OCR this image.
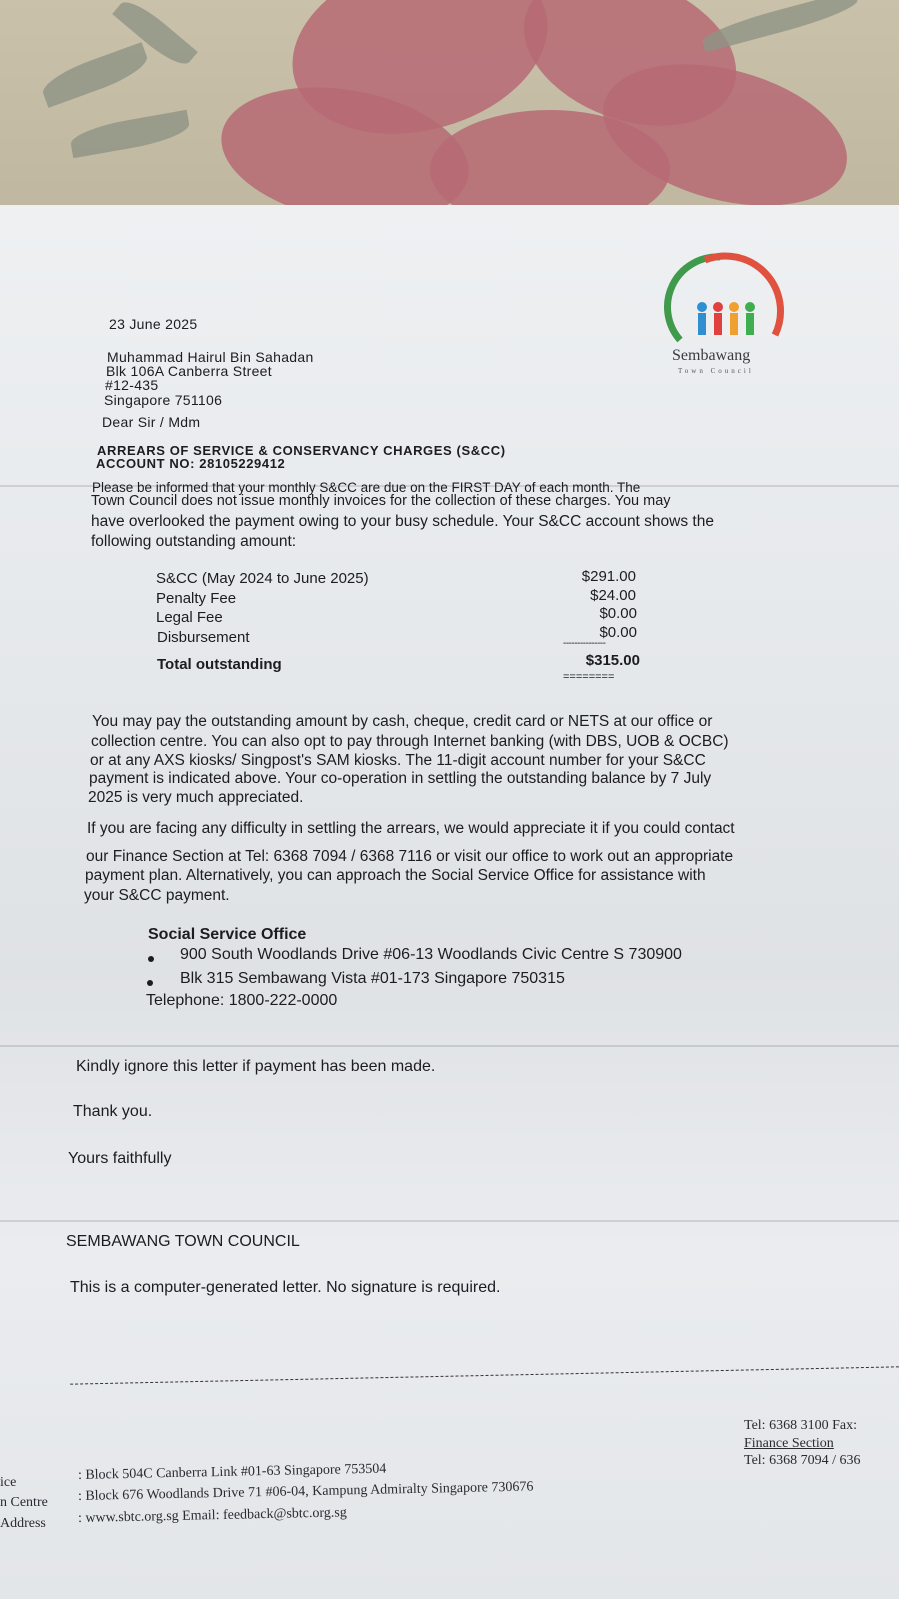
Sembawang
Town Council
23 June 2025
Muhammad Hairul Bin Sahadan
Blk 106A Canberra Street
#12-435
Singapore 751106
Dear Sir / Mdm
ARREARS OF SERVICE & CONSERVANCY CHARGES (S&CC)
ACCOUNT NO: 28105229412
Please be informed that your monthly S&CC are due on the FIRST DAY of each month. The
Town Council does not issue monthly invoices for the collection of these charges. You may
have overlooked the payment owing to your busy schedule. Your S&CC account shows the
following outstanding amount:
S&CC (May 2024 to June 2025)
Penalty Fee
Legal Fee
Disbursement
$291.00
$24.00
$0.00
$0.00
---------------
Total outstanding	$315.00
========
You may pay the outstanding amount by cash, cheque, credit card or NETS at our office or
collection centre. You can also opt to pay through Internet banking (with DBS, UOB & OCBC)
or at any AXS kiosks/ Singpost's SAM kiosks. The 11-digit account number for your S&CC
payment is indicated above. Your co-operation in settling the outstanding balance by 7 July
2025 is very much appreciated.
If you are facing any difficulty in settling the arrears, we would appreciate it if you could contact
our Finance Section at Tel: 6368 7094 / 6368 7116 or visit our office to work out an appropriate
payment plan. Alternatively, you can approach the Social Service Office for assistance with
your S&CC payment.
Social Service Office
900 South Woodlands Drive #06-13 Woodlands Civic Centre S 730900
Blk 315 Sembawang Vista #01-173 Singapore 750315
Telephone: 1800-222-0000
Kindly ignore this letter if payment has been made.
Thank you.
Yours faithfully
SEMBAWANG TOWN COUNCIL
This is a computer-generated letter. No signature is required.
ice
n Centre
Address
: Block 504C Canberra Link #01-63 Singapore 753504
: Block 676 Woodlands Drive 71 #06-04, Kampung Admiralty Singapore 730676
: www.sbtc.org.sg Email: feedback@sbtc.org.sg
Tel: 6368 3100 Fax:
Finance Section
Tel: 6368 7094 / 636
